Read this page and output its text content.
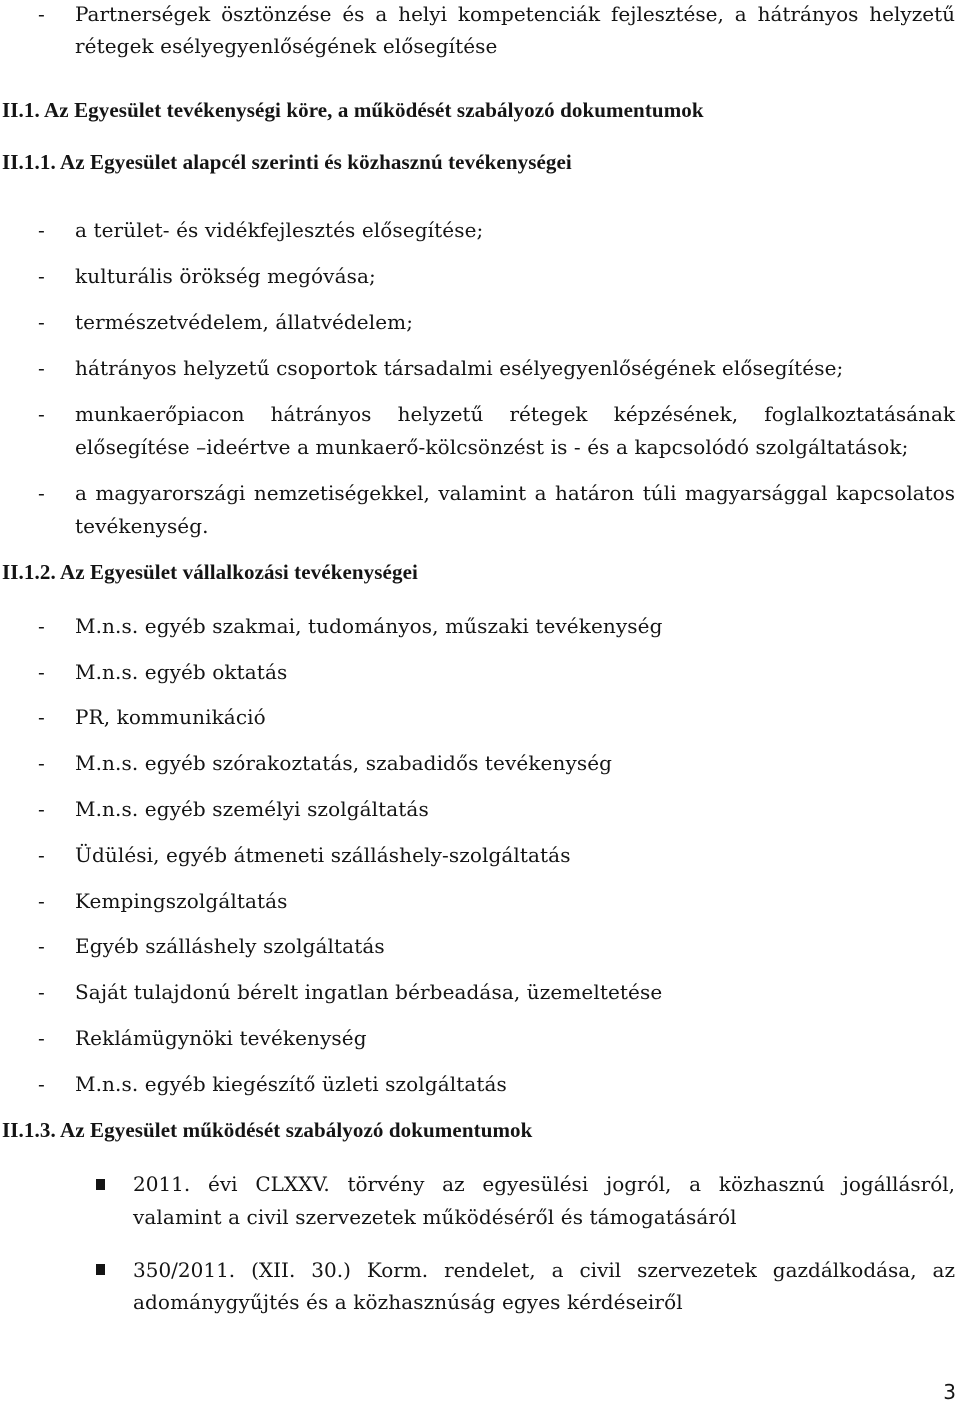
- Partnerségek ösztönzése és a helyi kompetenciák fejlesztése, a hátrányos helyzetű
rétegek esélyegyenlőségének elősegítése
II.1. Az Egyesület tevékenységi köre, a működését szabályozó dokumentumok
II.1.1. Az Egyesület alapcél szerinti és közhasznú tevékenységei
- a terület- és vidékfejlesztés elősegítése;
- kulturális örökség megóvása;
- természetvédelem, állatvédelem;
- hátrányos helyzetű csoportok társadalmi esélyegyenlőségének elősegítése;
- munkaerőpiacon hátrányos helyzetű rétegek képzésének, foglalkoztatásának
elősegítése –ideértve a munkaerő-kölcsönzést is - és a kapcsolódó szolgáltatások;
- a magyarországi nemzetiségekkel, valamint a határon túli magyarsággal kapcsolatos
tevékenység.
II.1.2. Az Egyesület vállalkozási tevékenységei
- M.n.s. egyéb szakmai, tudományos, műszaki tevékenység
- M.n.s. egyéb oktatás
- PR, kommunikáció
- M.n.s. egyéb szórakoztatás, szabadidős tevékenység
- M.n.s. egyéb személyi szolgáltatás
- Üdülési, egyéb átmeneti szálláshely-szolgáltatás
- Kempingszolgáltatás
- Egyéb szálláshely szolgáltatás
- Saját tulajdonú bérelt ingatlan bérbeadása, üzemeltetése
- Reklámügynöki tevékenység
- M.n.s. egyéb kiegészítő üzleti szolgáltatás
II.1.3. Az Egyesület működését szabályozó dokumentumok
2011. évi CLXXV. törvény az egyesülési jogról, a közhasznú jogállásról,
valamint a civil szervezetek működéséről és támogatásáról
350/2011. (XII. 30.) Korm. rendelet, a civil szervezetek gazdálkodása, az
adománygyűjtés és a közhasznúság egyes kérdéseiről
3
